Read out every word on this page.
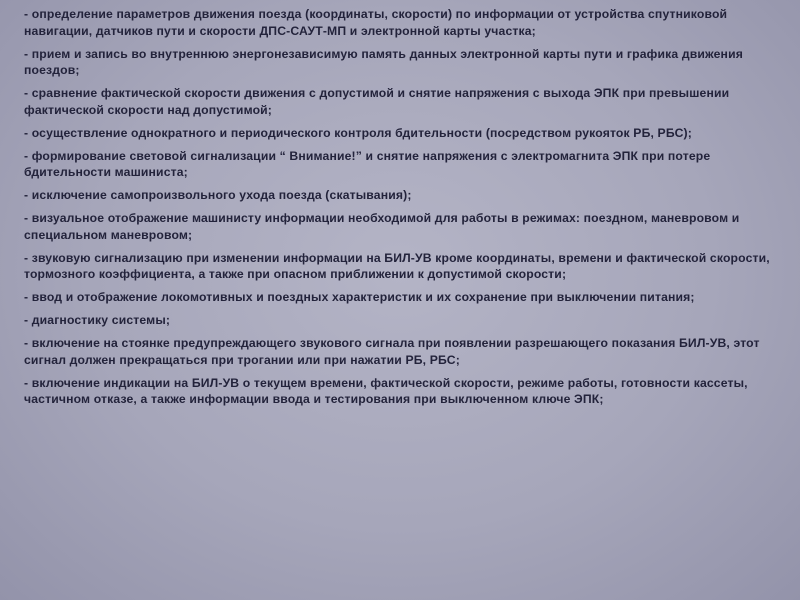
- определение параметров движения поезда (координаты, скорости) по информации от устройства спутниковой навигации, датчиков пути и скорости ДПС-САУТ-МП и электронной карты участка;
- прием и запись во внутреннюю энергонезависимую память данных электронной карты пути и графика движения поездов;
- сравнение фактической скорости движения с допустимой и снятие напряжения с выхода ЭПК при превышении фактической скорости над допустимой;
- осуществление однократного и периодического контроля бдительности (посредством рукояток РБ, РБС);
- формирование световой сигнализации “ Внимание!” и снятие напряжения с электромагнита ЭПК при потере бдительности машиниста;
- исключение самопроизвольного ухода поезда (скатывания);
- визуальное отображение машинисту информации необходимой для работы в режимах: поездном, маневровом и специальном маневровом;
- звуковую сигнализацию при изменении информации на БИЛ-УВ кроме координаты, времени и фактической скорости, тормозного коэффициента, а также при опасном приближении к допустимой скорости;
- ввод и отображение локомотивных и поездных характеристик и их сохранение при выключении питания;
- диагностику системы;
- включение на стоянке предупреждающего звукового сигнала при появлении разрешающего показания БИЛ-УВ, этот сигнал должен прекращаться при трогании или при нажатии РБ, РБС;
- включение индикации на БИЛ-УВ о текущем времени, фактической скорости, режиме работы, готовности кассеты, частичном отказе, а также информации ввода и тестирования при выключенном ключе ЭПК;
